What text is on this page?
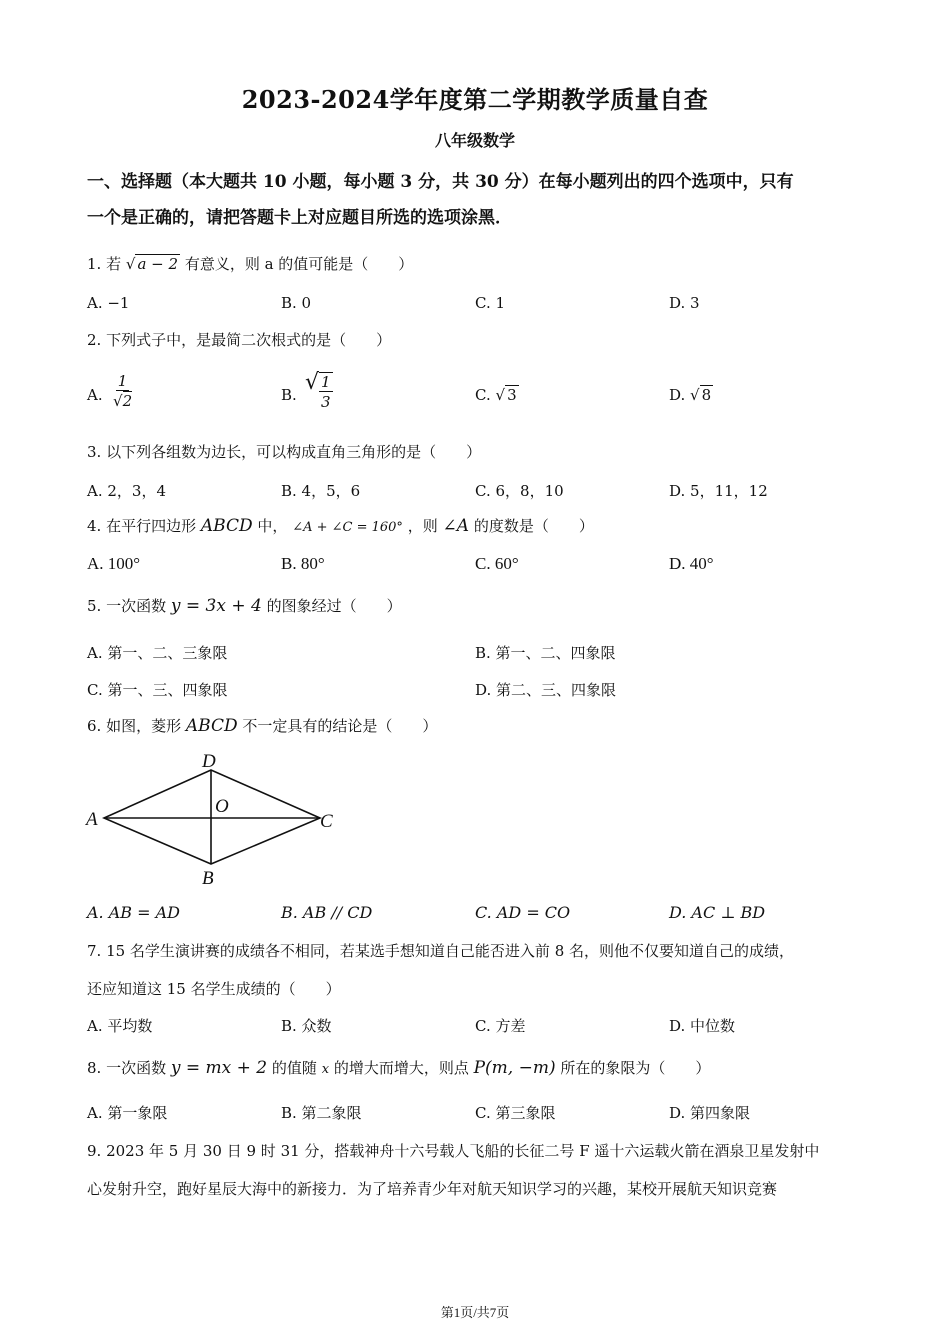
2023-2024学年度第二学期教学质量自查
八年级数学
一、选择题（本大题共 10 小题，每小题 3 分，共 30 分）在每小题列出的四个选项中，只有
一个是正确的，请把答题卡上对应题目所选的选项涂黑．
1. 若 √ a − 2 有意义，则 a 的值可能是（　　）
A. −1	B. 0	C. 1	D. 3
2. 下列式子中，是最简二次根式的是（　　）
A. $\frac{1}{√2}$	B. √ $\frac{1}{3}$	C. √ 3	D. √ 8
3. 以下列各组数为边长，可以构成直角三角形的是（　　）
A. 2，3，4	B. 4，5，6	C. 6，8，10	D. 5，11，12
4. 在平行四边形 ABCD 中， ∠A + ∠C = 160° ，则 ∠A 的度数是（　　）
A. 100°	B. 80°	C. 60°	D. 40°
5. 一次函数 y = 3x + 4 的图象经过（　　）
A. 第一、二、三象限	B. 第一、二、四象限
C. 第一、三、四象限	D. 第二、三、四象限
6. 如图，菱形 ABCD 不一定具有的结论是（　　）
A
D
C
B
O
A. AB = AD	B. AB // CD	C. AD = CO	D. AC ⊥ BD
7. 15 名学生演讲赛的成绩各不相同，若某选手想知道自己能否进入前 8 名，则他不仅要知道自己的成绩，
还应知道这 15 名学生成绩的（　　）
A. 平均数	B. 众数	C. 方差	D. 中位数
8. 一次函数 y = mx + 2 的值随 x 的增大而增大，则点 P(m, −m) 所在的象限为（　　）
A. 第一象限	B. 第二象限	C. 第三象限	D. 第四象限
9. 2023 年 5 月 30 日 9 时 31 分，搭载神舟十六号载人飞船的长征二号 F 遥十六运载火箭在酒泉卫星发射中
心发射升空，跑好星辰大海中的新接力．为了培养青少年对航天知识学习的兴趣，某校开展航天知识竞赛
第1页/共7页
